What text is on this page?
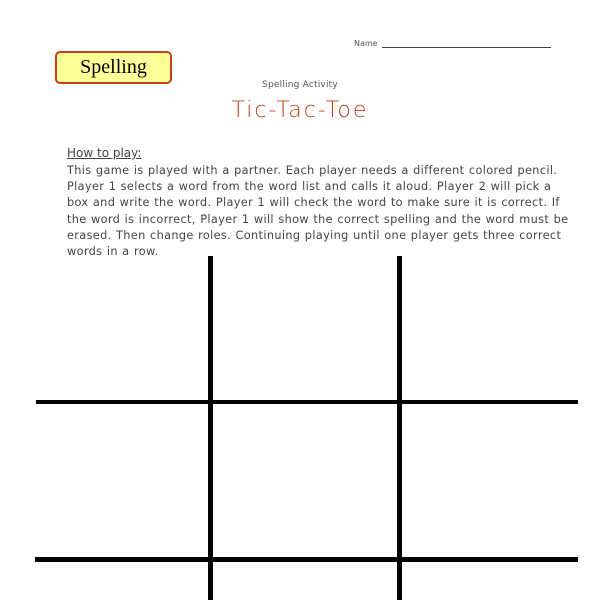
Spelling
Name
Spelling Activity
Tic-Tac-Toe
How to play:
This game is played with a partner. Each player needs a different colored pencil.
Player 1 selects a word from the word list and calls it aloud. Player 2 will pick a
box and write the word. Player 1 will check the word to make sure it is correct. If
the word is incorrect, Player 1 will show the correct spelling and the word must be
erased. Then change roles. Continuing playing until one player gets three correct
words in a row.
